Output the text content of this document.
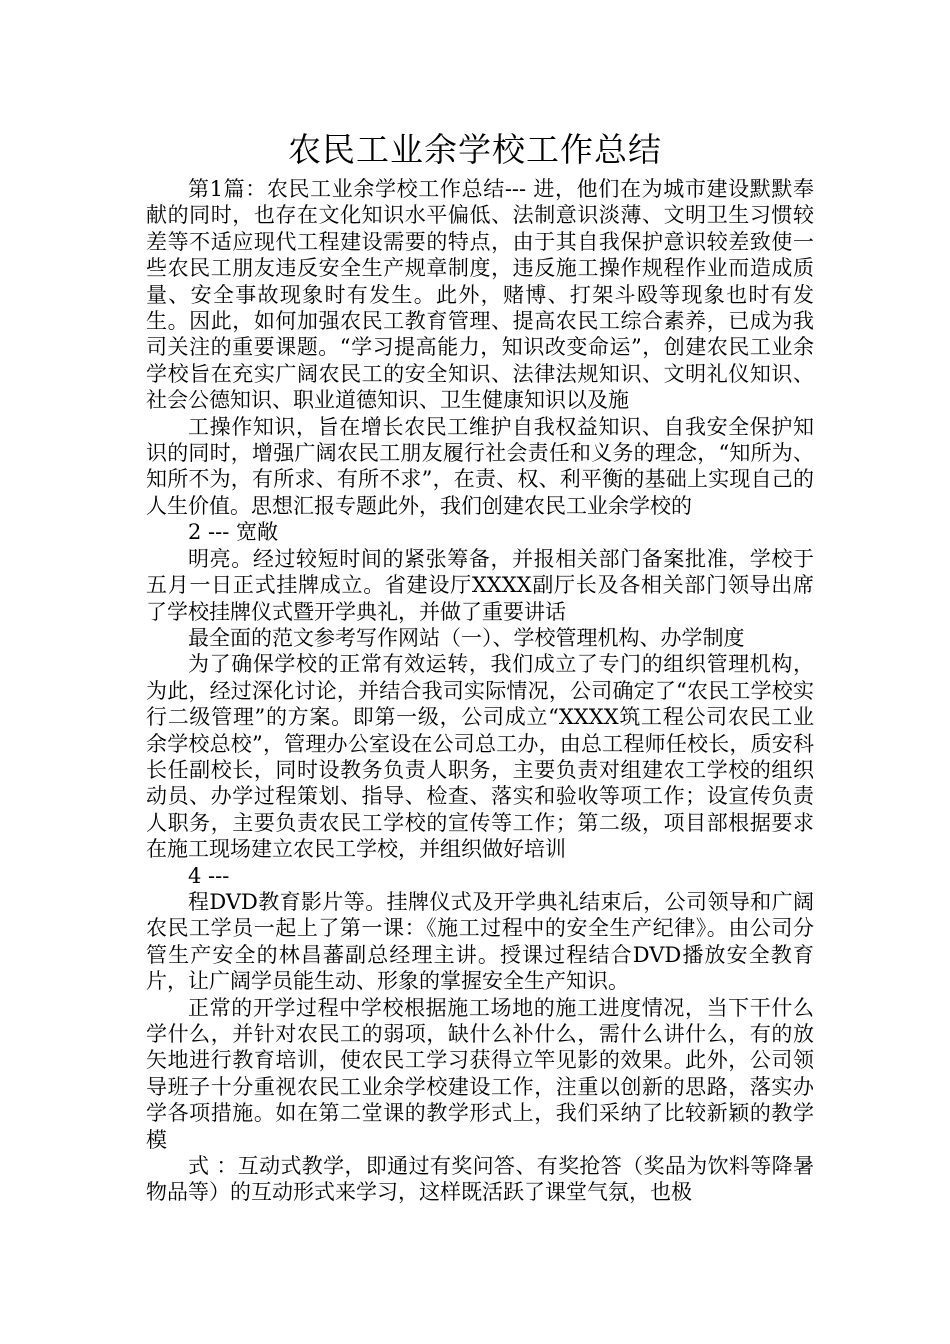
农民工业余学校工作总结

第1篇：农民工业余学校工作总结--- 进，他们在为城市建设默默奉献的同时，也存在文化知识水平偏低、法制意识淡薄、文明卫生习惯较差等不适应现代工程建设需要的特点，由于其自我保护意识较差致使一些农民工朋友违反安全生产规章制度，违反施工操作规程作业而造成质量、安全事故现象时有发生。此外，赌博、打架斗殴等现象也时有发生。因此，如何加强农民工教育管理、提高农民工综合素养，已成为我司关注的重要课题。“学习提高能力，知识改变命运”，创建农民工业余学校旨在充实广阔农民工的安全知识、法律法规知识、文明礼仪知识、社会公德知识、职业道德知识、卫生健康知识以及施

工操作知识，旨在增长农民工维护自我权益知识、自我安全保护知识的同时，增强广阔农民工朋友履行社会责任和义务的理念，“知所为、知所不为，有所求、有所不求”，在责、权、利平衡的基础上实现自己的人生价值。思想汇报专题此外，我们创建农民工业余学校的

2 --- 宽敞

明亮。经过较短时间的紧张筹备，并报相关部门备案批准，学校于五月一日正式挂牌成立。省建设厅XXXX副厅长及各相关部门领导出席了学校挂牌仪式暨开学典礼，并做了重要讲话

最全面的范文参考写作网站（一）、学校管理机构、办学制度

为了确保学校的正常有效运转，我们成立了专门的组织管理机构，为此，经过深化讨论，并结合我司实际情况，公司确定了“农民工学校实行二级管理”的方案。即第一级，公司成立“XXXX筑工程公司农民工业余学校总校”，管理办公室设在公司总工办，由总工程师任校长，质安科长任副校长，同时设教务负责人职务，主要负责对组建农工学校的组织动员、办学过程策划、指导、检查、落实和验收等项工作；设宣传负责人职务，主要负责农民工学校的宣传等工作；第二级，项目部根据要求在施工现场建立农民工学校，并组织做好培训

4 ---

程DVD教育影片等。挂牌仪式及开学典礼结束后，公司领导和广阔农民工学员一起上了第一课：《施工过程中的安全生产纪律》。由公司分管生产安全的林昌蕃副总经理主讲。授课过程结合DVD播放安全教育片，让广阔学员能生动、形象的掌握安全生产知识。

正常的开学过程中学校根据施工场地的施工进度情况，当下干什么学什么，并针对农民工的弱项，缺什么补什么，需什么讲什么，有的放矢地进行教育培训，使农民工学习获得立竿见影的效果。此外，公司领导班子十分重视农民工业余学校建设工作，注重以创新的思路，落实办学各项措施。如在第二堂课的教学形式上，我们采纳了比较新颖的教学模

式 ：互动式教学，即通过有奖问答、有奖抢答（奖品为饮料等降暑物品等）的互动形式来学习，这样既活跃了课堂气氛，也极
